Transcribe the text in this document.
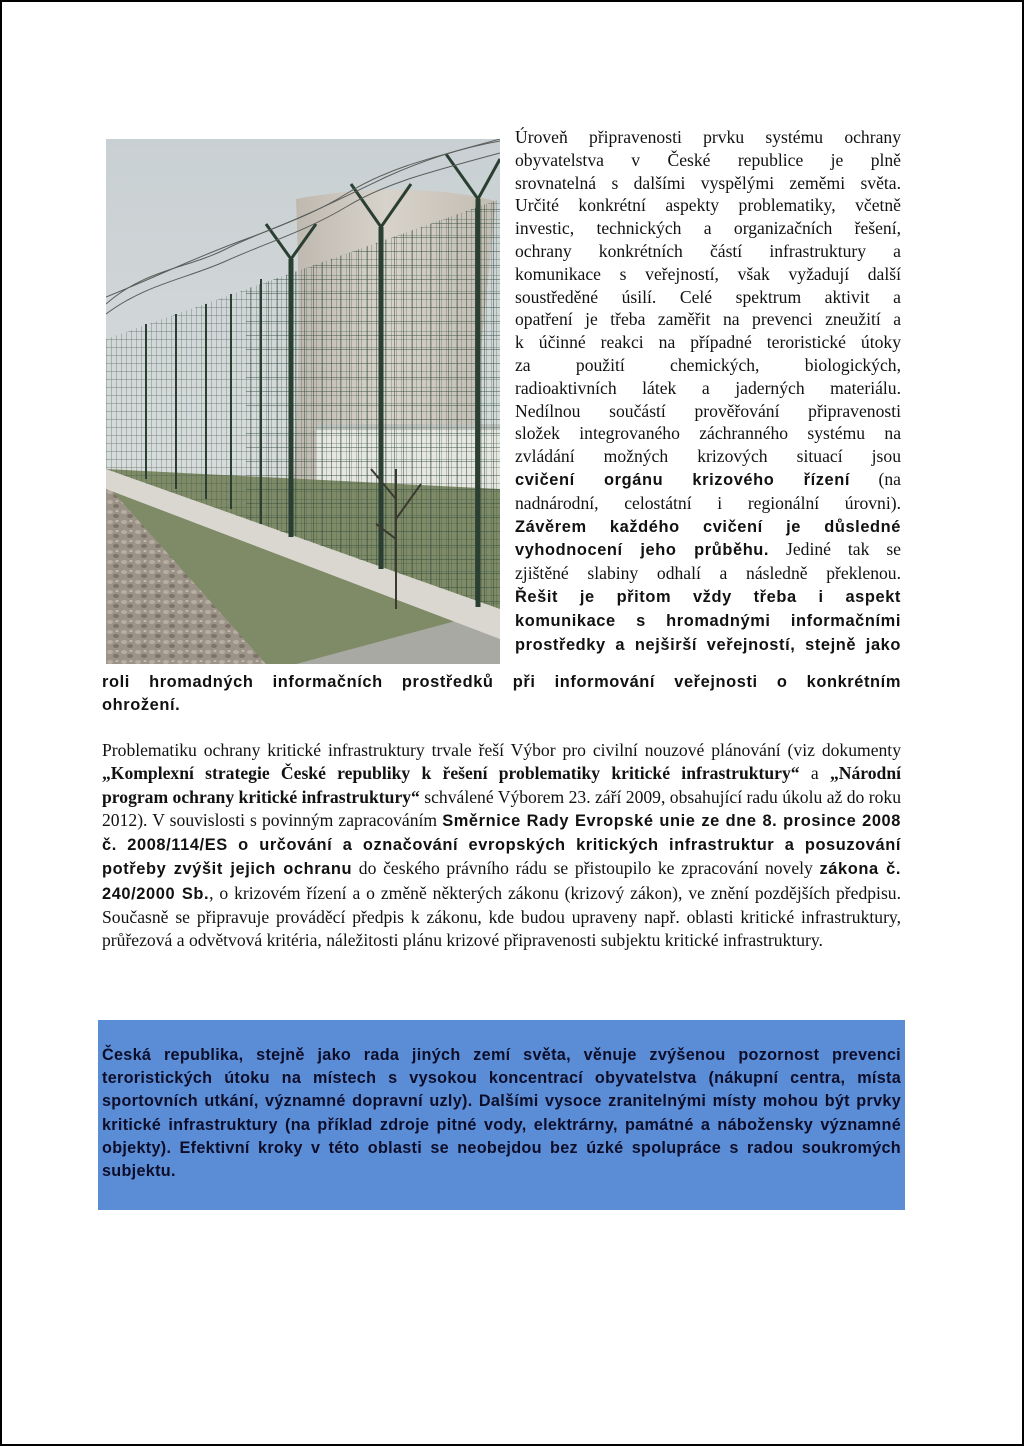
Úroveň připravenosti prvku systému ochrany

obyvatelstva v České republice je plně

srovnatelná s dalšími vyspělými zeměmi světa.

Určité konkrétní aspekty problematiky, včetně

investic, technických a organizačních řešení,

ochrany konkrétních částí infrastruktury a

komunikace s veřejností, však vyžadují další

soustředěné úsilí. Celé spektrum aktivit a

opatření je třeba zaměřit na prevenci zneužití a

k účinné reakci na případné teroristické útoky

za použití chemických, biologických,

radioaktivních látek a jaderných materiálu.

Nedílnou součástí prověřování připravenosti

složek integrovaného záchranného systému na

zvládání možných krizových situací jsou

cvičení orgánu krizového řízení (na

nadnárodní, celostátní i regionální úrovni).

Závěrem každého cvičení je důsledné

vyhodnocení jeho průběhu. Jediné tak se

zjištěné slabiny odhalí a následně překlenou.

Řešit je přitom vždy třeba i aspekt

komunikace s hromadnými informačními

prostředky a nejširší veřejností, stejně jako

roli hromadných informačních prostředků při informování veřejnosti o konkrétním

ohrožení.

Problematiku ochrany kritické infrastruktury trvale řeší Výbor pro civilní nouzové plánování (viz dokumenty „Komplexní strategie České republiky k řešení problematiky kritické infrastruktury“ a „Národní program ochrany kritické infrastruktury“ schválené Výborem 23. září 2009, obsahující radu úkolu až do roku 2012). V souvislosti s povinným zapracováním Směrnice Rady Evropské unie ze dne 8. prosince 2008 č. 2008/114/ES o určování a označování evropských kritických infrastruktur a posuzování potřeby zvýšit jejich ochranu do českého právního rádu se přistoupilo ke zpracování novely zákona č. 240/2000 Sb., o krizovém řízení a o změně některých zákonu (krizový zákon), ve znění pozdějších předpisu. Současně se připravuje prováděcí předpis k zákonu, kde budou upraveny např. oblasti kritické infrastruktury, průřezová a odvětvová kritéria, náležitosti plánu krizové připravenosti subjektu kritické infrastruktury.

Česká republika, stejně jako rada jiných zemí světa, věnuje zvýšenou pozornost prevenci teroristických útoku na místech s vysokou koncentrací obyvatelstva (nákupní centra, místa sportovních utkání, významné dopravní uzly). Dalšími vysoce zranitelnými místy mohou být prvky kritické infrastruktury (na příklad zdroje pitné vody, elektrárny, památné a nábožensky významné objekty). Efektivní kroky v této oblasti se neobejdou bez úzké spolupráce s radou soukromých subjektu.
